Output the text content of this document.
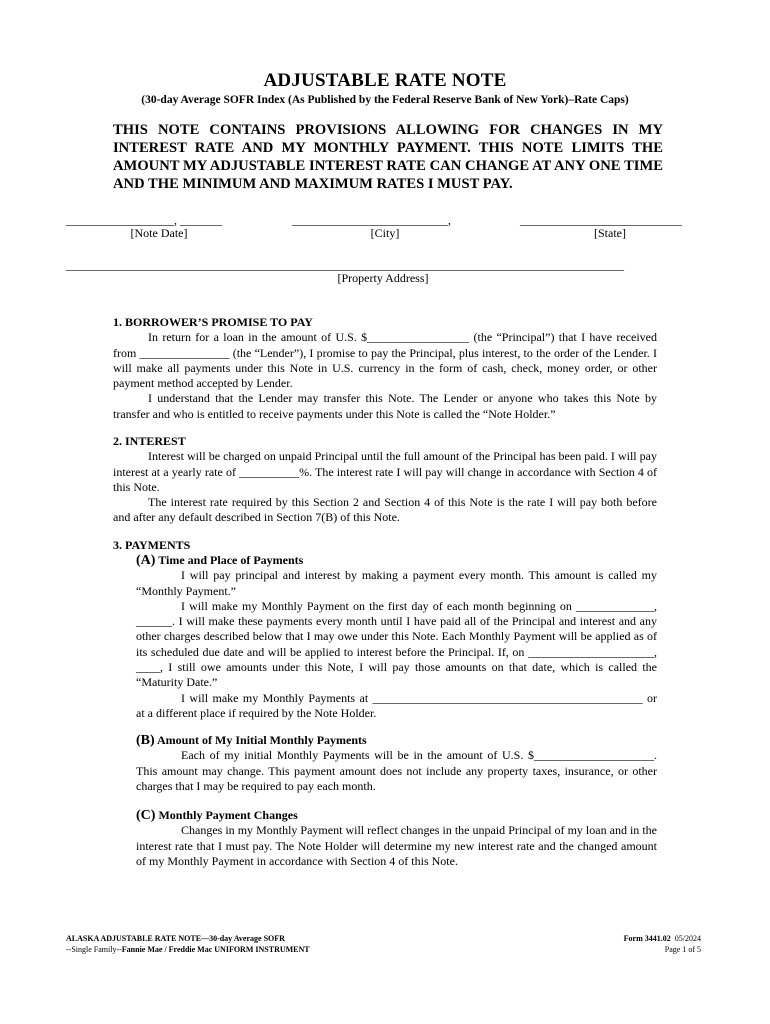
ADJUSTABLE RATE NOTE
(30-day Average SOFR Index (As Published by the Federal Reserve Bank of New York)–Rate Caps)
THIS NOTE CONTAINS PROVISIONS ALLOWING FOR CHANGES IN MY INTEREST RATE AND MY MONTHLY PAYMENT. THIS NOTE LIMITS THE AMOUNT MY ADJUSTABLE INTEREST RATE CAN CHANGE AT ANY ONE TIME AND THE MINIMUM AND MAXIMUM RATES I MUST PAY.
__________________, _______
[Note Date]
__________________________,
[City]
___________________________
[State]
_____________________________________________________________________________________________
[Property Address]
1. BORROWER’S PROMISE TO PAY

In return for a loan in the amount of U.S. $_________________ (the “Principal”) that I have received from _______________ (the “Lender”), I promise to pay the Principal, plus interest, to the order of the Lender. I will make all payments under this Note in U.S. currency in the form of cash, check, money order, or other payment method accepted by Lender.

I understand that the Lender may transfer this Note. The Lender or anyone who takes this Note by transfer and who is entitled to receive payments under this Note is called the “Note Holder.”

2. INTEREST

Interest will be charged on unpaid Principal until the full amount of the Principal has been paid. I will pay interest at a yearly rate of __________%. The interest rate I will pay will change in accordance with Section 4 of this Note.

The interest rate required by this Section 2 and Section 4 of this Note is the rate I will pay both before and after any default described in Section 7(B) of this Note.

3. PAYMENTS
(A) Time and Place of Payments

I will pay principal and interest by making a payment every month. This amount is called my “Monthly Payment.”

I will make my Monthly Payment on the first day of each month beginning on _____________, ______. I will make these payments every month until I have paid all of the Principal and interest and any other charges described below that I may owe under this Note. Each Monthly Payment will be applied as of its scheduled due date and will be applied to interest before the Principal. If, on _____________________, ____, I still owe amounts under this Note, I will pay those amounts on that date, which is called the “Maturity Date.”

I will make my Monthly Payments at _____________________________________________ or at a different place if required by the Note Holder.

(B) Amount of My Initial Monthly Payments

Each of my initial Monthly Payments will be in the amount of U.S. $____________________. This amount may change. This payment amount does not include any property taxes, insurance, or other charges that I may be required to pay each month.

(C) Monthly Payment Changes

Changes in my Monthly Payment will reflect changes in the unpaid Principal of my loan and in the interest rate that I must pay. The Note Holder will determine my new interest rate and the changed amount of my Monthly Payment in accordance with Section 4 of this Note.

ALASKA ADJUSTABLE RATE NOTE—30-day Average SOFR
--Single Family--Fannie Mae / Freddie Mac UNIFORM INSTRUMENT
Form 3441.02 05/2024
Page 1 of 5
